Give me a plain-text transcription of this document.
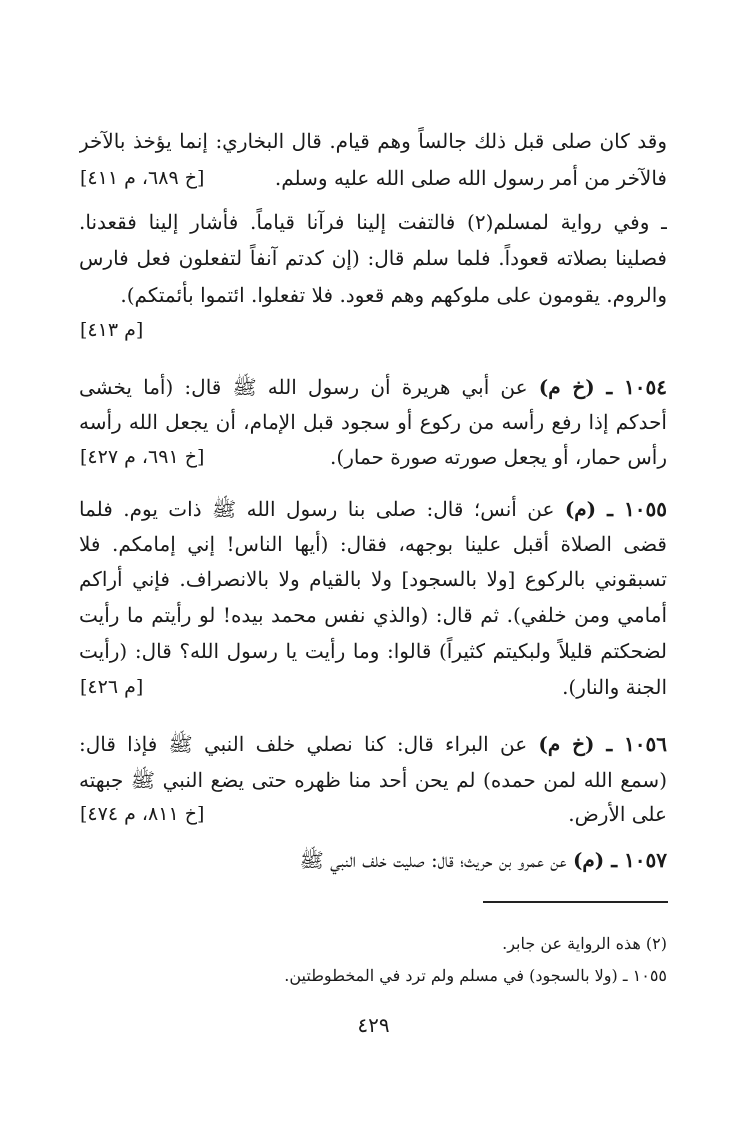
وقد كان صلى قبل ذلك جالساً وهم قيام. قال البخاري: إنما يؤخذ بالآخر
فالآخر من أمر رسول الله صلى الله عليه وسلم.
[خ ٦٨٩، م ٤١١]
ـ وفي رواية لمسلم(٢) فالتفت إلينا فرآنا قياماً. فأشار إلينا فقعدنا.
فصلينا بصلاته قعوداً. فلما سلم قال: (إن كدتم آنفاً لتفعلون فعل فارس
والروم. يقومون على ملوكهم وهم قعود. فلا تفعلوا. ائتموا بأئمتكم).
[م ٤١٣]
١٠٥٤ ـ (خ م) عن أبي هريرة أن رسول الله ﷺ قال: (أما يخشى
أحدكم إذا رفع رأسه من ركوع أو سجود قبل الإمام، أن يجعل الله رأسه
رأس حمار، أو يجعل صورته صورة حمار).
[خ ٦٩١، م ٤٢٧]
١٠٥٥ ـ (م) عن أنس؛ قال: صلى بنا رسول الله ﷺ ذات يوم. فلما
قضى الصلاة أقبل علينا بوجهه، فقال: (أيها الناس! إني إمامكم. فلا
تسبقوني بالركوع [ولا بالسجود] ولا بالقيام ولا بالانصراف. فإني أراكم
أمامي ومن خلفي). ثم قال: (والذي نفس محمد بيده! لو رأيتم ما رأيت
لضحكتم قليلاً ولبكيتم كثيراً) قالوا: وما رأيت يا رسول الله؟ قال: (رأيت
الجنة والنار).
[م ٤٢٦]
١٠٥٦ ـ (خ م) عن البراء قال: كنا نصلي خلف النبي ﷺ فإذا قال:
(سمع الله لمن حمده) لم يحن أحد منا ظهره حتى يضع النبي ﷺ جبهته
على الأرض.
[خ ٨١١، م ٤٧٤]
١٠٥٧ ـ (م) عن عمرو بن حريث؛ قال: صليت خلف النبي ﷺ
(٢) هذه الرواية عن جابر.
١٠٥٥ ـ (ولا بالسجود) في مسلم ولم ترد في المخطوطتين.
٤٢٩
